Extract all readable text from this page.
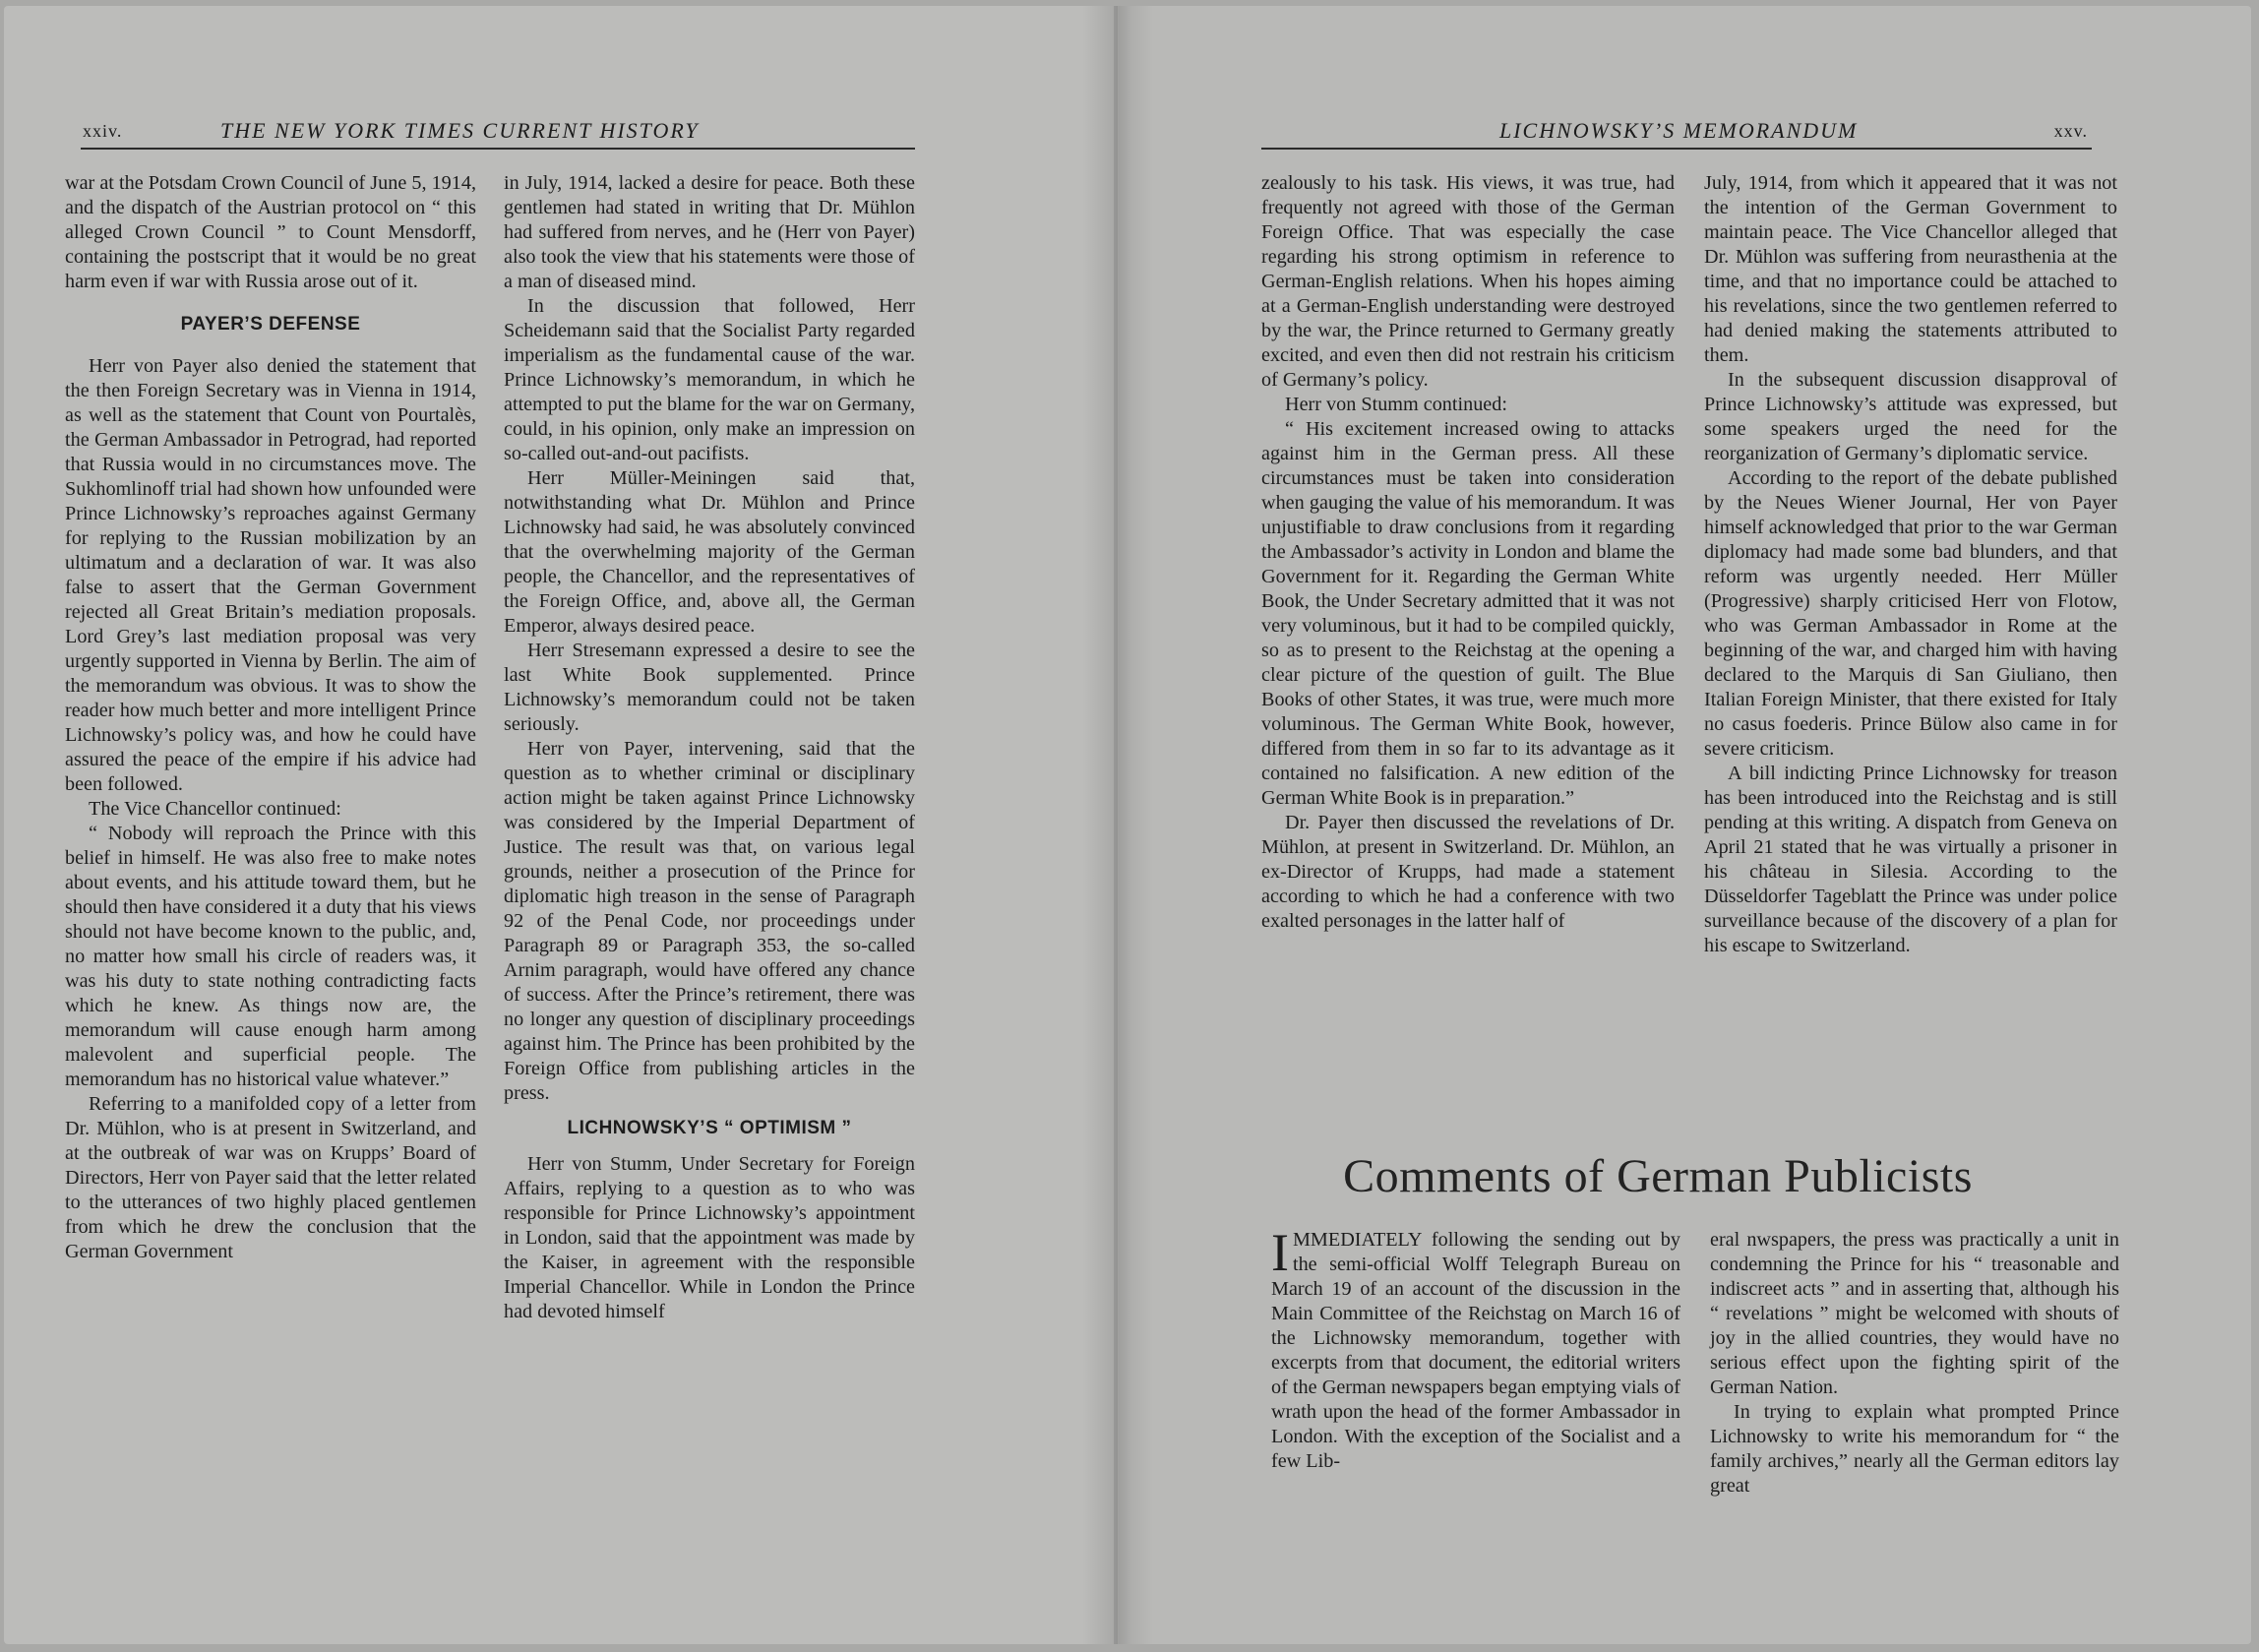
xxiv.	THE NEW YORK TIMES CURRENT HISTORY	LICHNOWSKY’S MEMORANDUM	xxv.

war at the Potsdam Crown Council of June 5, 1914, and the dispatch of the Austrian protocol on “ this alleged Crown Council ” to Count Mensdorff, containing the postscript that it would be no great harm even if war with Russia arose out of it.

PAYER’S DEFENSE

Herr von Payer also denied the statement that the then Foreign Secretary was in Vienna in 1914, as well as the statement that Count von Pourtalès, the German Ambassador in Petrograd, had reported that Russia would in no circumstances move. The Sukhomlinoff trial had shown how unfounded were Prince Lichnowsky’s reproaches against Germany for replying to the Russian mobilization by an ultimatum and a declaration of war. It was also false to assert that the German Government rejected all Great Britain’s mediation proposals. Lord Grey’s last mediation proposal was very urgently supported in Vienna by Berlin. The aim of the memorandum was obvious. It was to show the reader how much better and more intelligent Prince Lichnowsky’s policy was, and how he could have assured the peace of the empire if his advice had been followed.

The Vice Chancellor continued:

“ Nobody will reproach the Prince with this belief in himself. He was also free to make notes about events, and his attitude toward them, but he should then have considered it a duty that his views should not have become known to the public, and, no matter how small his circle of readers was, it was his duty to state nothing contradicting facts which he knew. As things now are, the memorandum will cause enough harm among malevolent and superficial people. The memorandum has no historical value whatever.”

Referring to a manifolded copy of a letter from Dr. Mühlon, who is at present in Switzerland, and at the outbreak of war was on Krupps’ Board of Directors, Herr von Payer said that the letter related to the utterances of two highly placed gentlemen from which he drew the conclusion that the German Government

in July, 1914, lacked a desire for peace. Both these gentlemen had stated in writing that Dr. Mühlon had suffered from nerves, and he (Herr von Payer) also took the view that his statements were those of a man of diseased mind.

In the discussion that followed, Herr Scheidemann said that the Socialist Party regarded imperialism as the fundamental cause of the war. Prince Lichnowsky’s memorandum, in which he attempted to put the blame for the war on Germany, could, in his opinion, only make an impression on so-called out-and-out pacifists.

Herr Müller-Meiningen said that, notwithstanding what Dr. Mühlon and Prince Lichnowsky had said, he was absolutely convinced that the overwhelming majority of the German people, the Chancellor, and the representatives of the Foreign Office, and, above all, the German Emperor, always desired peace.

Herr Stresemann expressed a desire to see the last White Book supplemented. Prince Lichnowsky’s memorandum could not be taken seriously.

Herr von Payer, intervening, said that the question as to whether criminal or disciplinary action might be taken against Prince Lichnowsky was considered by the Imperial Department of Justice. The result was that, on various legal grounds, neither a prosecution of the Prince for diplomatic high treason in the sense of Paragraph 92 of the Penal Code, nor proceedings under Paragraph 89 or Paragraph 353, the so-called Arnim paragraph, would have offered any chance of success. After the Prince’s retirement, there was no longer any question of disciplinary proceedings against him. The Prince has been prohibited by the Foreign Office from publishing articles in the press.

LICHNOWSKY’S “ OPTIMISM ”

Herr von Stumm, Under Secretary for Foreign Affairs, replying to a question as to who was responsible for Prince Lichnowsky’s appointment in London, said that the appointment was made by the Kaiser, in agreement with the responsible Imperial Chancellor. While in London the Prince had devoted himself

zealously to his task. His views, it was true, had frequently not agreed with those of the German Foreign Office. That was especially the case regarding his strong optimism in reference to German-English relations. When his hopes aiming at a German-English understanding were destroyed by the war, the Prince returned to Germany greatly excited, and even then did not restrain his criticism of Germany’s policy.

Herr von Stumm continued:

“ His excitement increased owing to attacks against him in the German press. All these circumstances must be taken into consideration when gauging the value of his memorandum. It was unjustifiable to draw conclusions from it regarding the Ambassador’s activity in London and blame the Government for it. Regarding the German White Book, the Under Secretary admitted that it was not very voluminous, but it had to be compiled quickly, so as to present to the Reichstag at the opening a clear picture of the question of guilt. The Blue Books of other States, it was true, were much more voluminous. The German White Book, however, differed from them in so far to its advantage as it contained no falsification. A new edition of the German White Book is in preparation.”

Dr. Payer then discussed the revelations of Dr. Mühlon, at present in Switzerland. Dr. Mühlon, an ex-Director of Krupps, had made a statement according to which he had a conference with two exalted personages in the latter half of

July, 1914, from which it appeared that it was not the intention of the German Government to maintain peace. The Vice Chancellor alleged that Dr. Mühlon was suffering from neurasthenia at the time, and that no importance could be attached to his revelations, since the two gentlemen referred to had denied making the statements attributed to them.

In the subsequent discussion disapproval of Prince Lichnowsky’s attitude was expressed, but some speakers urged the need for the reorganization of Germany’s diplomatic service.

According to the report of the debate published by the Neues Wiener Journal, Her von Payer himself acknowledged that prior to the war German diplomacy had made some bad blunders, and that reform was urgently needed. Herr Müller (Progressive) sharply criticised Herr von Flotow, who was German Ambassador in Rome at the beginning of the war, and charged him with having declared to the Marquis di San Giuliano, then Italian Foreign Minister, that there existed for Italy no casus foederis. Prince Bülow also came in for severe criticism.

A bill indicting Prince Lichnowsky for treason has been introduced into the Reichstag and is still pending at this writing. A dispatch from Geneva on April 21 stated that he was virtually a prisoner in his château in Silesia. According to the Düsseldorfer Tageblatt the Prince was under police surveillance because of the discovery of a plan for his escape to Switzerland.

Comments of German Publicists

I MMEDIATELY following the sending out by the semi-official Wolff Telegraph Bureau on March 19 of an account of the discussion in the Main Committee of the Reichstag on March 16 of the Lichnowsky memorandum, together with excerpts from that document, the editorial writers of the German newspapers began emptying vials of wrath upon the head of the former Ambassador in London. With the exception of the Socialist and a few Lib-

eral nwspapers, the press was practically a unit in condemning the Prince for his “ treasonable and indiscreet acts ” and in asserting that, although his “ revelations ” might be welcomed with shouts of joy in the allied countries, they would have no serious effect upon the fighting spirit of the German Nation.

In trying to explain what prompted Prince Lichnowsky to write his memorandum for “ the family archives,” nearly all the German editors lay great
